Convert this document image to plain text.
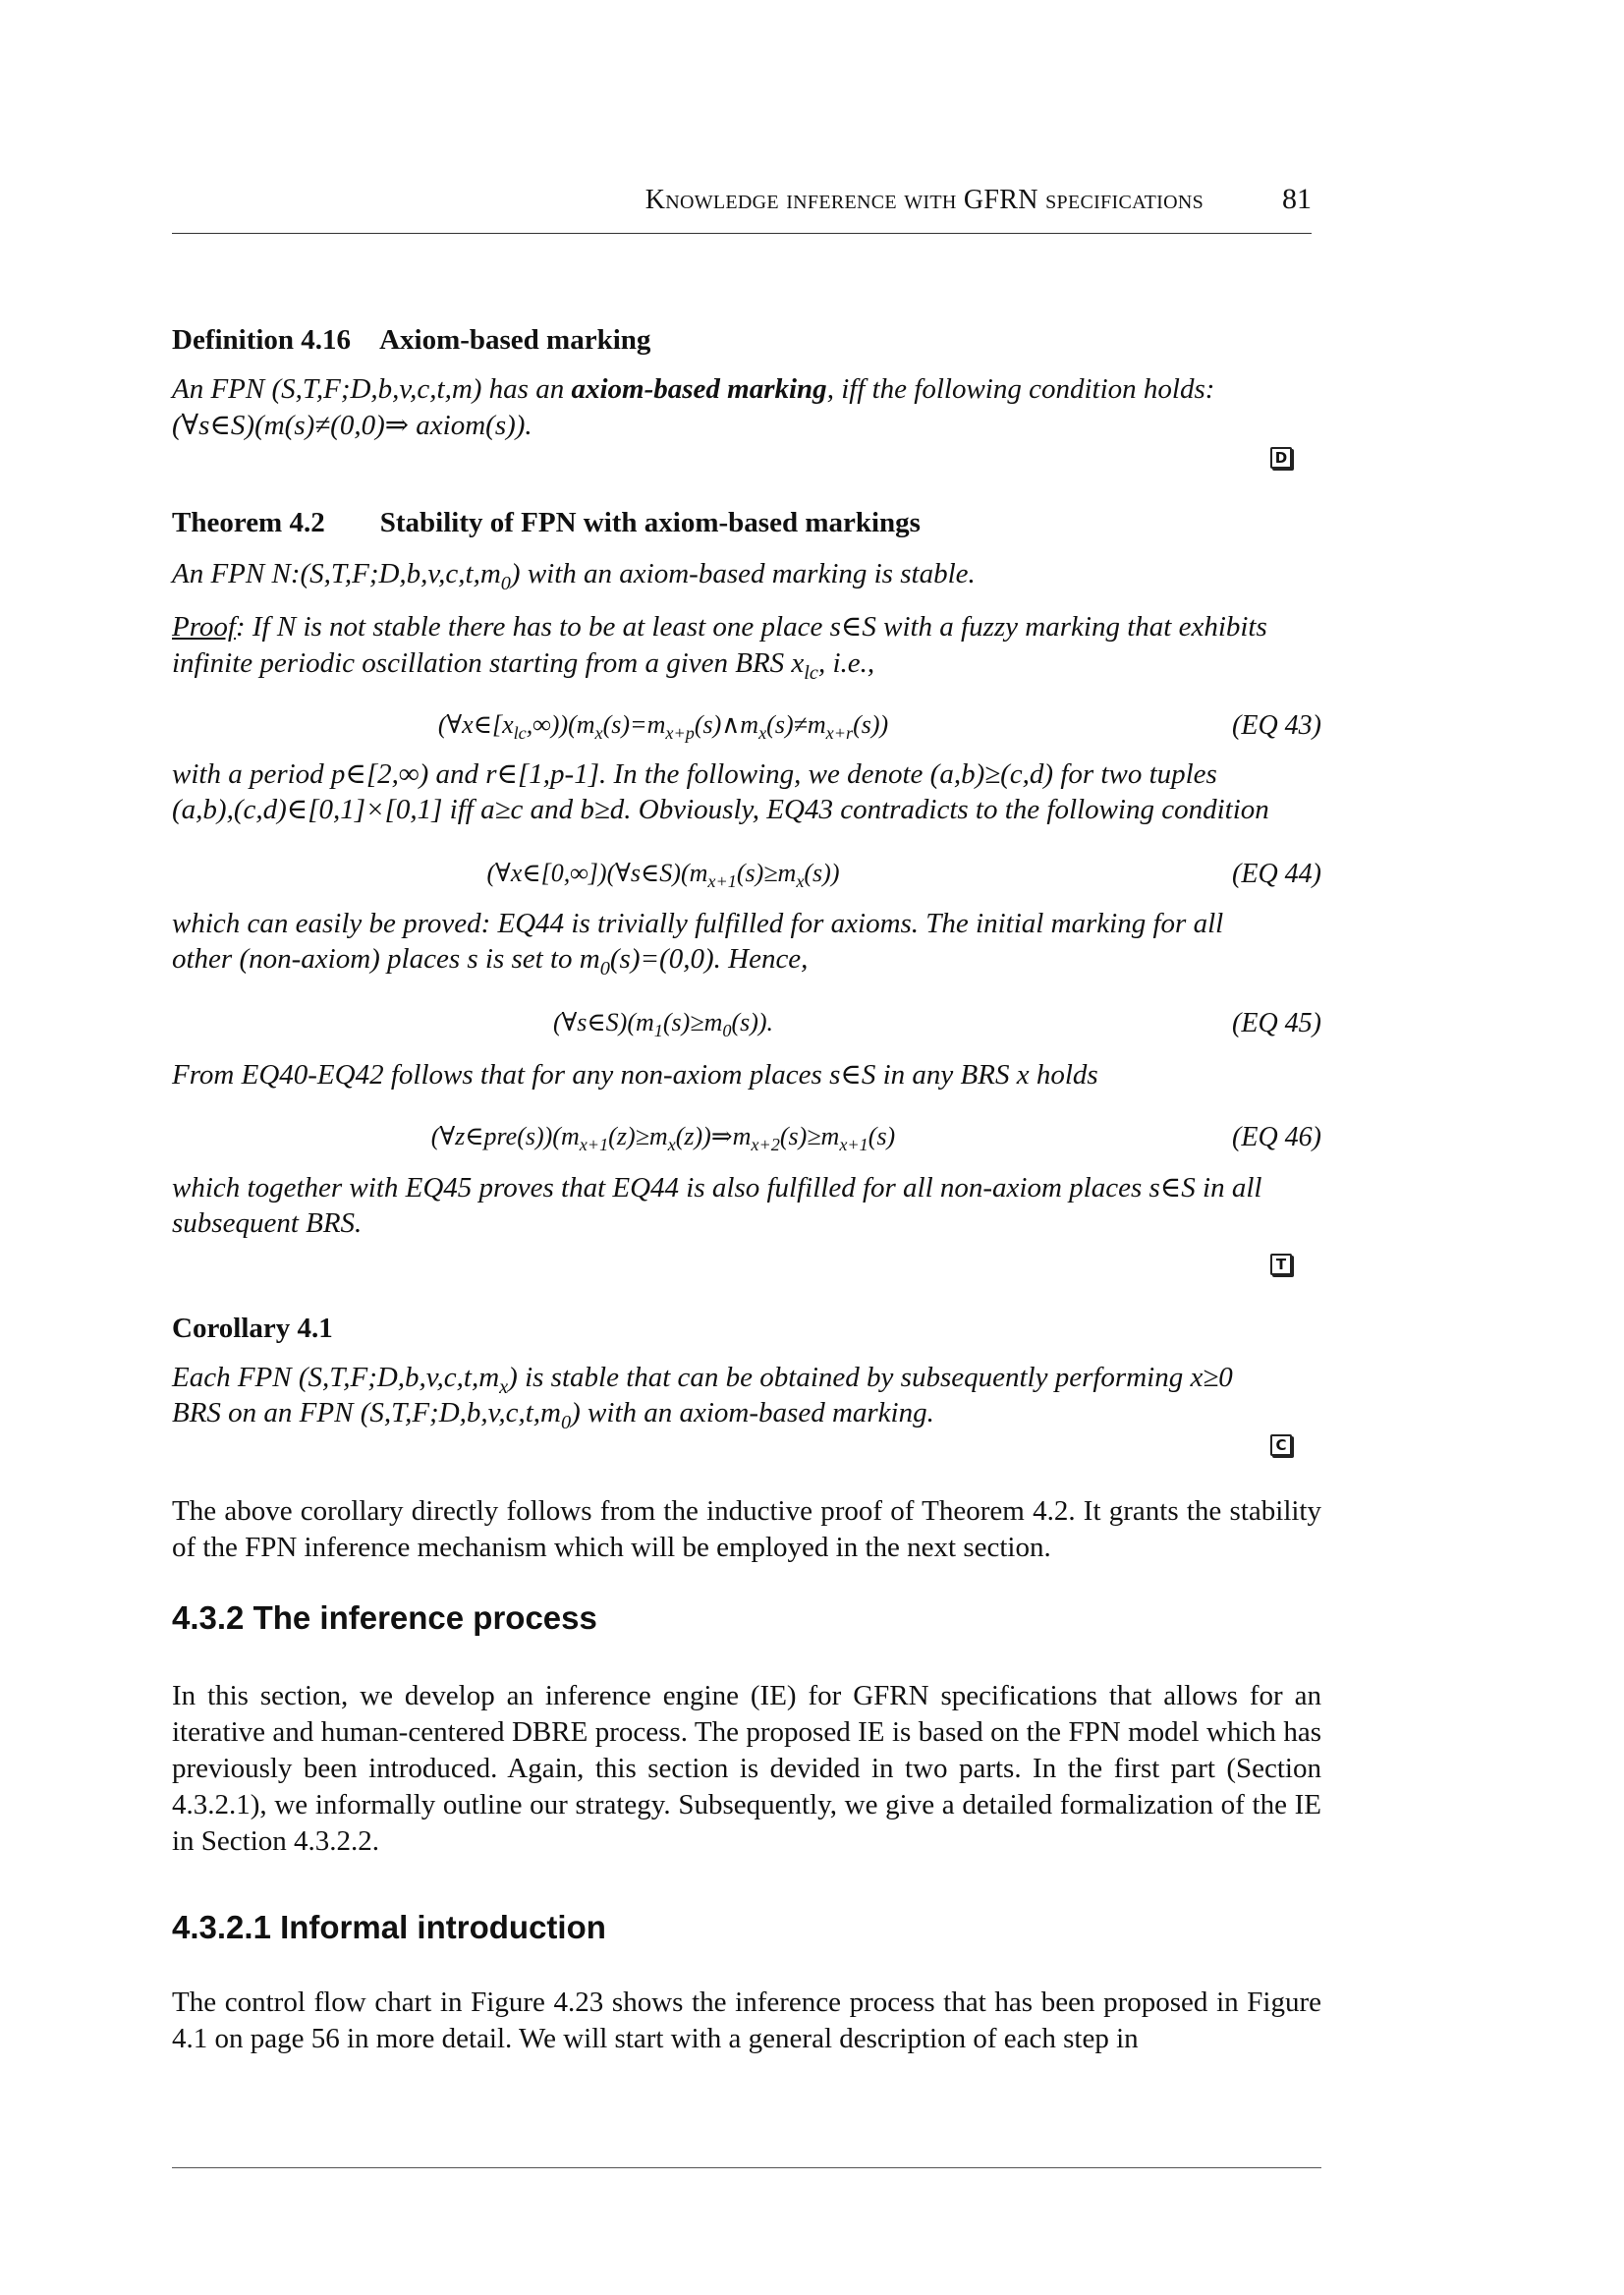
Knowledge inference with GFRN specifications	81
Definition 4.16 Axiom-based marking
An FPN (S,T,F;D,b,v,c,t,m) has an axiom-based marking, iff the following condition holds:
(∀s∈S)(m(s)≠(0,0)⇒ axiom(s)).
D
Theorem 4.2 Stability of FPN with axiom-based markings
An FPN $N:(S,T,F;D,b,v,c,t,m_0)$ with an axiom-based marking is stable.
Proof: If N is not stable there has to be at least one place s∈S with a fuzzy marking that exhibits
infinite periodic oscillation starting from a given BRS $x_{lc}$, i.e.,
$(\forall x\in[x_{lc},\infty))(m_x(s)=m_{x+p}(s)\wedge m_x(s)\ne m_{x+r}(s))$	(EQ 43)
with a period p∈[2,∞) and r∈[1,p-1]. In the following, we denote (a,b)≥(c,d) for two tuples
(a,b),(c,d)∈[0,1]×[0,1] iff a≥c and b≥d. Obviously, EQ43 contradicts to the following condition
$(\forall x\in[0,\infty])(\forall s\in S)(m_{x+1}(s)\ge m_x(s))$	(EQ 44)
which can easily be proved: EQ44 is trivially fulfilled for axioms. The initial marking for all
other (non-axiom) places s is set to $m_0(s)=(0,0)$. Hence,
$(\forall s\in S)(m_1(s)\ge m_0(s))$.	(EQ 45)
From EQ40-EQ42 follows that for any non-axiom places s∈S in any BRS x holds
$(\forall z\in pre(s))(m_{x+1}(z)\ge m_x(z))\Rightarrow m_{x+2}(s)\ge m_{x+1}(s)$	(EQ 46)
which together with EQ45 proves that EQ44 is also fulfilled for all non-axiom places s∈S in all
subsequent BRS.
T
Corollary 4.1
Each FPN $(S,T,F;D,b,v,c,t,m_x)$ is stable that can be obtained by subsequently performing x≥0
BRS on an FPN $(S,T,F;D,b,v,c,t,m_0)$ with an axiom-based marking.
C
The above corollary directly follows from the inductive proof of Theorem 4.2. It grants the stability of the FPN inference mechanism which will be employed in the next section.
4.3.2 The inference process
In this section, we develop an inference engine (IE) for GFRN specifications that allows for an iterative and human-centered DBRE process. The proposed IE is based on the FPN model which has previously been introduced. Again, this section is devided in two parts. In the first part (Section 4.3.2.1), we informally outline our strategy. Subsequently, we give a detailed formalization of the IE in Section 4.3.2.2.
4.3.2.1 Informal introduction
The control flow chart in Figure 4.23 shows the inference process that has been proposed in Figure 4.1 on page 56 in more detail. We will start with a general description of each step in
